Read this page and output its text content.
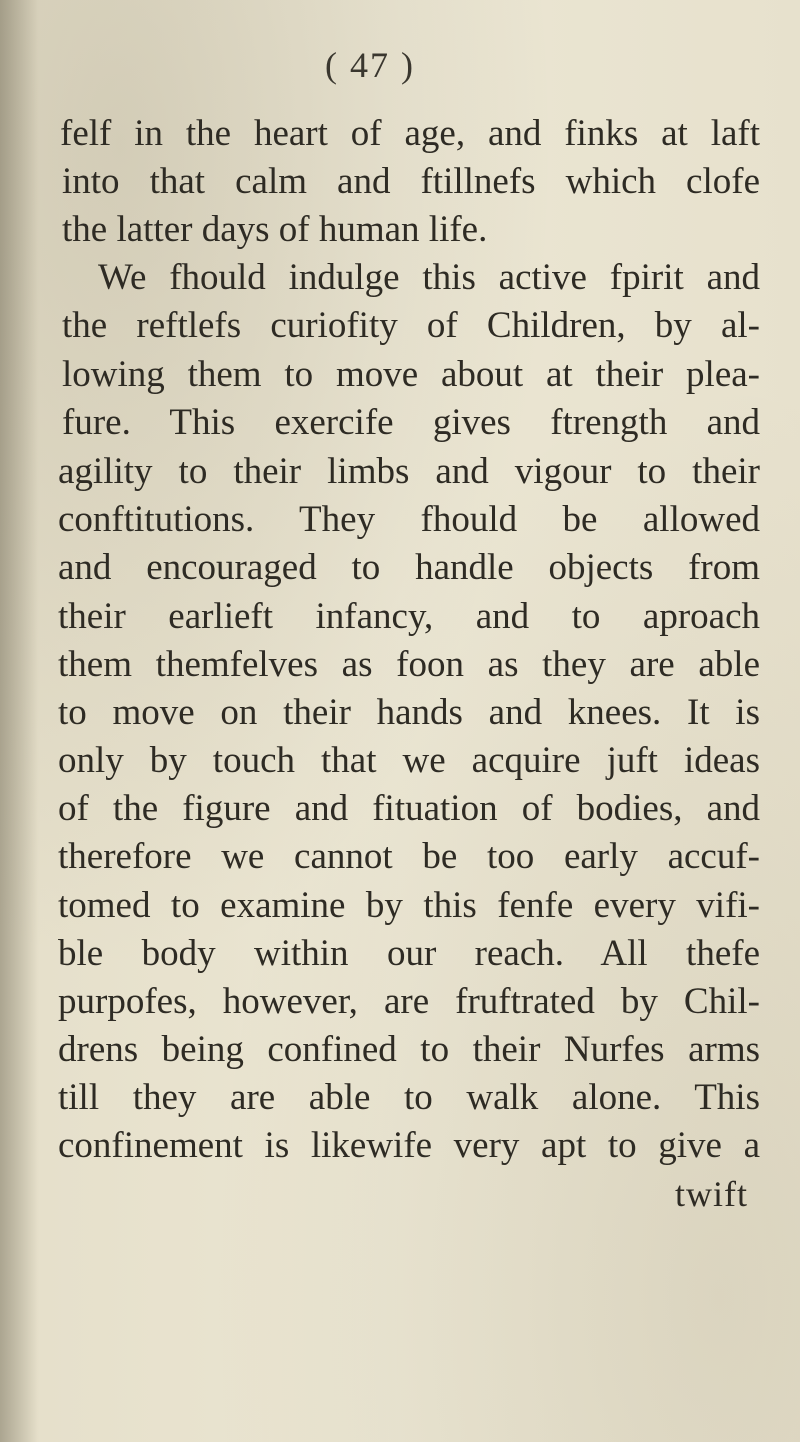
( 47 )
felf in the heart of age, and finks at laft
into that calm and ftillnefs which clofe
the latter days of human life.
We fhould indulge this active fpirit and
the reftlefs curiofity of Children, by al-
lowing them to move about at their plea-
fure. This exercife gives ftrength and
agility to their limbs and vigour to their
conftitutions. They fhould be allowed
and encouraged to handle objects from
their earlieft infancy, and to aproach
them themfelves as foon as they are able
to move on their hands and knees. It is
only by touch that we acquire juft ideas
of the figure and fituation of bodies, and
therefore we cannot be too early accuf-
tomed to examine by this fenfe every vifi-
ble body within our reach. All thefe
purpofes, however, are fruftrated by Chil-
drens being confined to their Nurfes arms
till they are able to walk alone. This
confinement is likewife very apt to give a
twift
